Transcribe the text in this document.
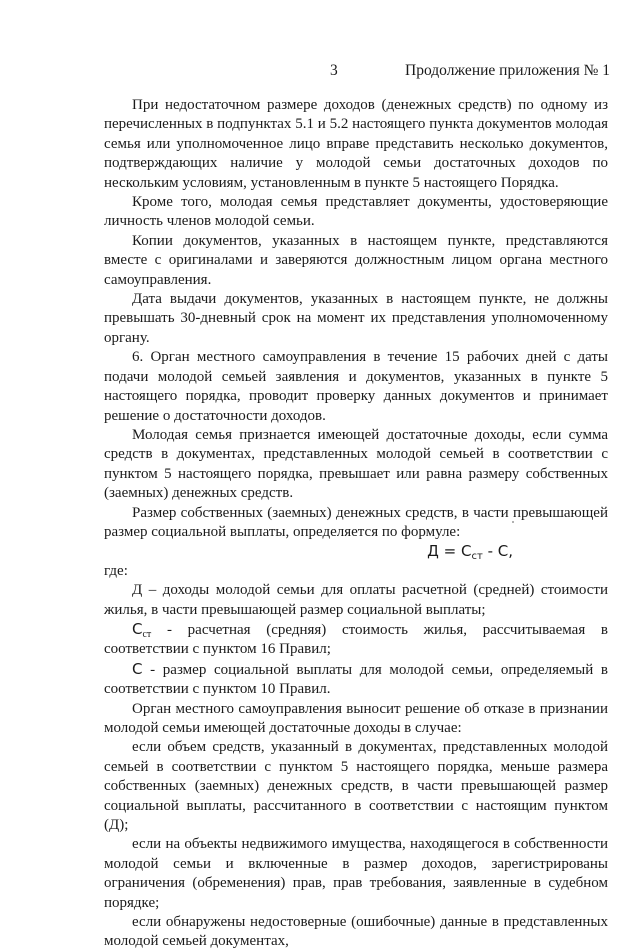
3	Продолжение приложения № 1

При недостаточном размере доходов (денежных средств) по одному из перечисленных в подпунктах 5.1 и 5.2 настоящего пункта документов молодая семья или уполномоченное лицо вправе представить несколько документов, подтверждающих наличие у молодой семьи достаточных доходов по нескольким условиям, установленным в пункте 5 настоящего Порядка.

Кроме того, молодая семья представляет документы, удостоверяющие личность членов молодой семьи.

Копии документов, указанных в настоящем пункте, представляются вместе с оригиналами и заверяются должностным лицом органа местного самоуправления.

Дата выдачи документов, указанных в настоящем пункте, не должны превышать 30-дневный срок на момент их представления уполномоченному органу.

6. Орган местного самоуправления в течение 15 рабочих дней с даты подачи молодой семьей заявления и документов, указанных в пункте 5 настоящего порядка, проводит проверку данных документов и принимает решение о достаточности доходов.

Молодая семья признается имеющей достаточные доходы, если сумма средств в документах, представленных молодой семьей в соответствии с пунктом 5 настоящего порядка, превышает или равна размеру собственных (заемных) денежных средств.

Размер собственных (заемных) денежных средств, в части превышающей размер социальной выплаты, определяется по формуле:

$Д = С_{ст} - С$,

где:

Д – доходы молодой семьи для оплаты расчетной (средней) стоимости жилья, в части превышающей размер социальной выплаты;

$С_{ст}$ - расчетная (средняя) стоимость жилья, рассчитываемая в соответствии с пунктом 16 Правил;

С - размер социальной выплаты для молодой семьи, определяемый в соответствии с пунктом 10 Правил.

Орган местного самоуправления выносит решение об отказе в признании молодой семьи имеющей достаточные доходы в случае:

если объем средств, указанный в документах, представленных молодой семьей в соответствии с пунктом 5 настоящего порядка, меньше размера собственных (заемных) денежных средств, в части превышающей размер социальной выплаты, рассчитанного в соответствии с настоящим пунктом (Д);

если на объекты недвижимого имущества, находящегося в собственности молодой семьи и включенные в размер доходов, зарегистрированы ограничения (обременения) прав, прав требования, заявленные в судебном порядке;

если обнаружены недостоверные (ошибочные) данные в представленных молодой семьей документах,
